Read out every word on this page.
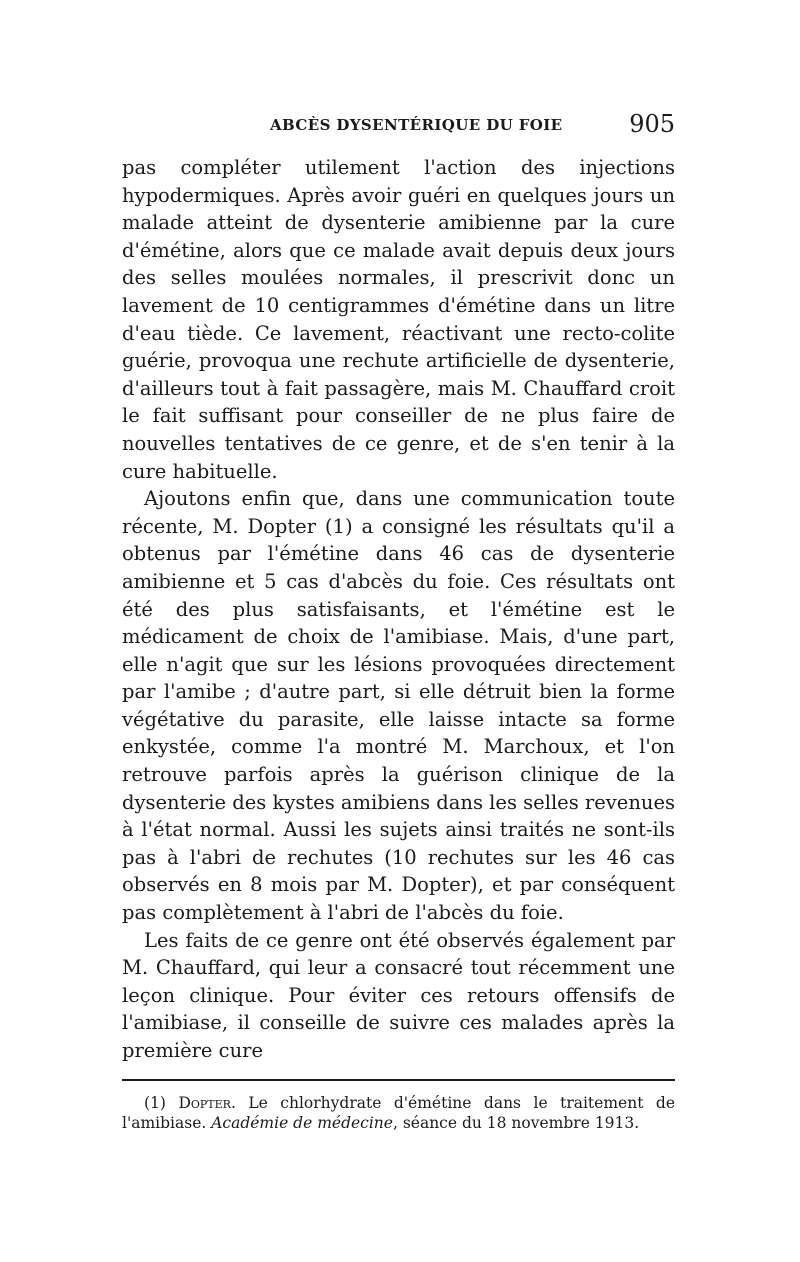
ABCÈS DYSENTÉRIQUE DU FOIE	905

pas compléter utilement l'action des injections hypodermiques. Après avoir guéri en quelques jours un malade atteint de dysenterie amibienne par la cure d'émétine, alors que ce malade avait depuis deux jours des selles moulées normales, il prescrivit donc un lavement de 10 centigrammes d'émétine dans un litre d'eau tiède. Ce lavement, réactivant une recto-colite guérie, provoqua une rechute artificielle de dysenterie, d'ailleurs tout à fait passagère, mais M. Chauffard croit le fait suffisant pour conseiller de ne plus faire de nouvelles tentatives de ce genre, et de s'en tenir à la cure habituelle.

Ajoutons enfin que, dans une communication toute récente, M. Dopter (1) a consigné les résultats qu'il a obtenus par l'émétine dans 46 cas de dysenterie amibienne et 5 cas d'abcès du foie. Ces résultats ont été des plus satisfaisants, et l'émétine est le médicament de choix de l'amibiase. Mais, d'une part, elle n'agit que sur les lésions provoquées directement par l'amibe ; d'autre part, si elle détruit bien la forme végétative du parasite, elle laisse intacte sa forme enkystée, comme l'a montré M. Marchoux, et l'on retrouve parfois après la guérison clinique de la dysenterie des kystes amibiens dans les selles revenues à l'état normal. Aussi les sujets ainsi traités ne sont-ils pas à l'abri de rechutes (10 rechutes sur les 46 cas observés en 8 mois par M. Dopter), et par conséquent pas complètement à l'abri de l'abcès du foie.

Les faits de ce genre ont été observés également par M. Chauffard, qui leur a consacré tout récemment une leçon clinique. Pour éviter ces retours offensifs de l'amibiase, il conseille de suivre ces malades après la première cure

(1) Dopter. Le chlorhydrate d'émétine dans le traitement de l'amibiase. Académie de médecine, séance du 18 novembre 1913.
